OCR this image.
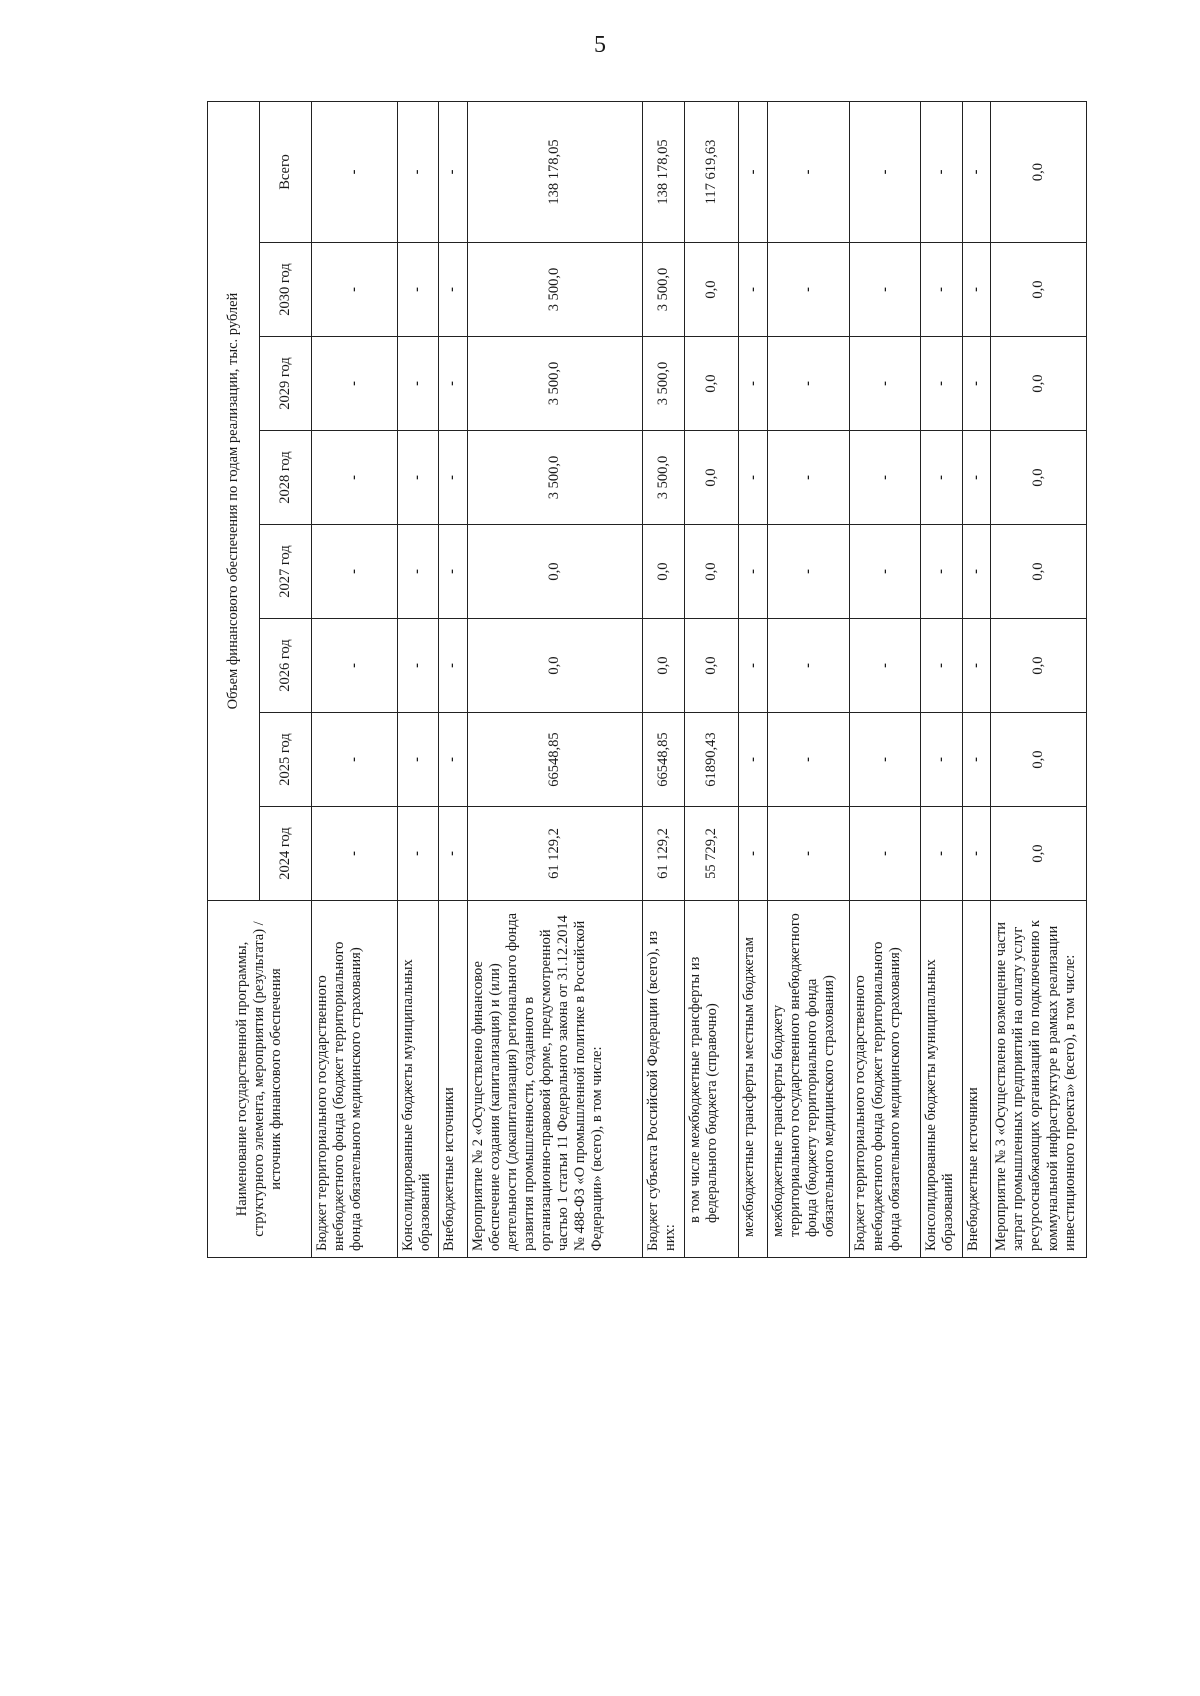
5
Наименование государственной программы, структурного элемента, мероприятия (результата) / источник финансового обеспечения	Объем финансового обеспечения по годам реализации, тыс. рублей							
	2024 год	2025 год	2026 год	2027 год	2028 год	2029 год	2030 год	Всего
Бюджет территориального государственного внебюджетного фонда (бюджет территориального фонда обязательного медицинского страхования)	-	-	-	-	-	-	-	-
Консолидированные бюджеты муниципальных образований	-	-	-	-	-	-	-	-
Внебюджетные источники	-	-	-	-	-	-	-	-
Мероприятие № 2 «Осуществлено финансовое обеспечение создания (капитализация) и (или) деятельности (докапитализация) регионального фонда развития промышленности, созданного в организационно-правовой форме, предусмотренной частью 1 статьи 11 Федерального закона от 31.12.2014 № 488-ФЗ «О промышленной политике в Российской Федерации» (всего), в том числе:	61 129,2	66548,85	0,0	0,0	3 500,0	3 500,0	3 500,0	138 178,05
Бюджет субъекта Российской Федерации (всего), из них:	61 129,2	66548,85	0,0	0,0	3 500,0	3 500,0	3 500,0	138 178,05
в том числе межбюджетные трансферты из федерального бюджета (справочно)	55 729,2	61890,43	0,0	0,0	0,0	0,0	0,0	117 619,63
межбюджетные трансферты местным бюджетам	-	-	-	-	-	-	-	-
межбюджетные трансферты бюджету территориального государственного внебюджетного фонда (бюджету территориального фонда обязательного медицинского страхования)	-	-	-	-	-	-	-	-
Бюджет территориального государственного внебюджетного фонда (бюджет территориального фонда обязательного медицинского страхования)	-	-	-	-	-	-	-	-
Консолидированные бюджеты муниципальных образований	-	-	-	-	-	-	-	-
Внебюджетные источники	-	-	-	-	-	-	-	-
Мероприятие № 3 «Осуществлено возмещение части затрат промышленных предприятий на оплату услуг ресурсоснабжающих организаций по подключению к коммунальной инфраструктуре в рамках реализации инвестиционного проекта» (всего), в том числе:	0,0	0,0	0,0	0,0	0,0	0,0	0,0	0,0
